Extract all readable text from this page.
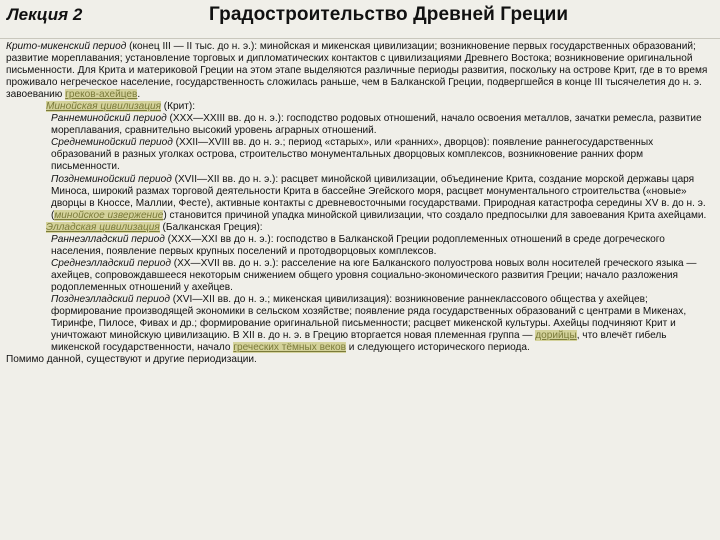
Лекция 2	Градостроительство Древней Греции

Крито-микенский период (конец III — II тыс. до н. э.): минойская и микенская цивилизации; возникновение первых государственных образований; развитие мореплавания; установление торговых и дипломатических контактов с цивилизациями Древнего Востока; возникновение оригинальной письменности. Для Крита и материковой Греции на этом этапе выделяются различные периоды развития, поскольку на острове Крит, где в то время проживало негреческое население, государственность сложилась раньше, чем в Балканской Греции, подвергшейся в конце III тысячелетия до н. э. завоеванию греков-ахейцев.

Минойская цивилизация (Крит):

Раннеминойский период (XXX—XXIII вв. до н. э.): господство родовых отношений, начало освоения металлов, зачатки ремесла, развитие мореплавания, сравнительно высокий уровень аграрных отношений.

Среднеминойский период (XXII—XVIII вв. до н. э.; период «старых», или «ранних», дворцов): появление раннегосударственных образований в разных уголках острова, строительство монументальных дворцовых комплексов, возникновение ранних форм письменности.

Позднеминойский период (XVII—XII вв. до н. э.): расцвет минойской цивилизации, объединение Крита, создание морской державы царя Миноса, широкий размах торговой деятельности Крита в бассейне Эгейского моря, расцвет монументального строительства («новые» дворцы в Кноссе, Маллии, Фесте), активные контакты с древневосточными государствами. Природная катастрофа середины XV в. до н. э. (минойское извержение) становится причиной упадка минойской цивилизации, что создало предпосылки для завоевания Крита ахейцами.

Элладская цивилизация (Балканская Греция):

Раннеэлладский период (XXX—XXI вв до н. э.): господство в Балканской Греции родоплеменных отношений в среде догреческого населения, появление первых крупных поселений и протодворцовых комплексов.

Среднеэлладский период (XX—XVII вв. до н. э.): расселение на юге Балканского полуострова новых волн носителей греческого языка — ахейцев, сопровождавшееся некоторым снижением общего уровня социально-экономического развития Греции; начало разложения родоплеменных отношений у ахейцев.

Позднеэлладский период (XVI—XII вв. до н. э.; микенская цивилизация): возникновение раннеклассового общества у ахейцев; формирование производящей экономики в сельском хозяйстве; появление ряда государственных образований с центрами в Микенах, Тиринфе, Пилосе, Фивах и др.; формирование оригинальной письменности; расцвет микенской культуры. Ахейцы подчиняют Крит и уничтожают минойскую цивилизацию. В XII в. до н. э. в Грецию вторгается новая племенная группа — дорийцы, что влечёт гибель микенской государственности, начало греческих тёмных веков и следующего исторического периода.

Помимо данной, существуют и другие периодизации.
